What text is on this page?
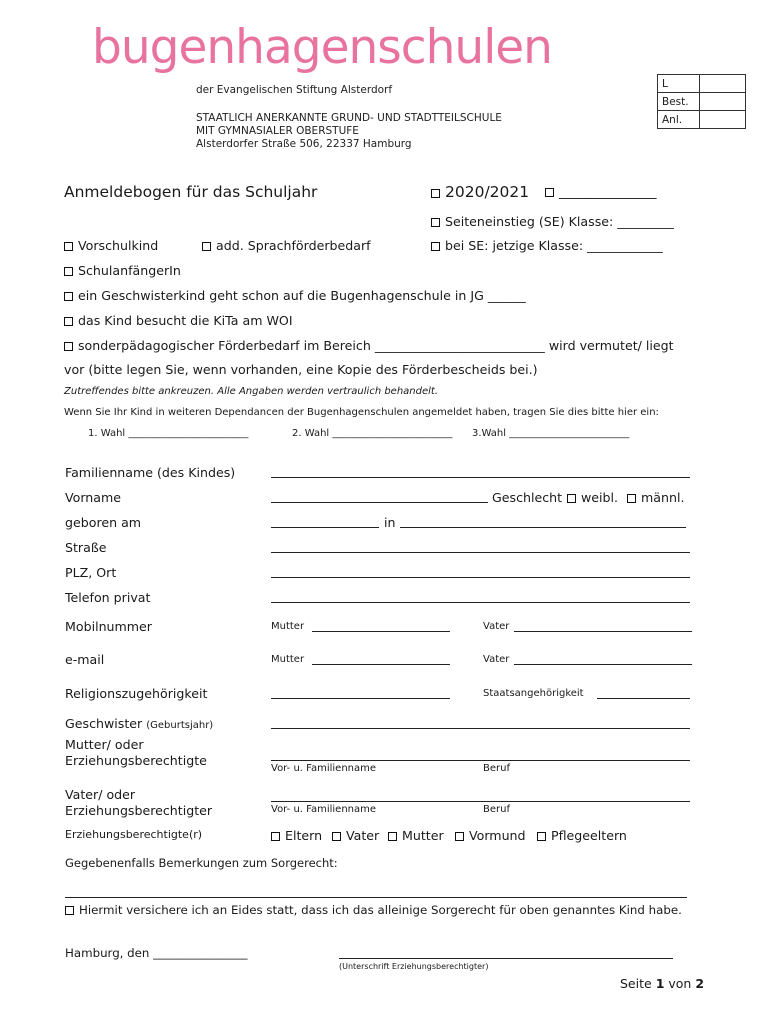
bugenhagenschulen
der Evangelischen Stiftung Alsterdorf
STAATLICH ANERKANNTE GRUND- UND STADTTEILSCHULE
MIT GYMNASIALER OBERSTUFE
Alsterdorfer Straße 506, 22337 Hamburg
L	
Best.	
Anl.	
Anmeldebogen für das Schuljahr	2020/2021	_______________
Seiteneinstieg (SE) Klasse: _________
Vorschulkind	add. Sprachförderbedarf	bei SE: jetzige Klasse: ____________
SchulanfängerIn
ein Geschwisterkind geht schon auf die Bugenhagenschule in JG ______
das Kind besucht die KiTa am WOI
sonderpädagogischer Förderbedarf im Bereich ___________________________ wird vermutet/ liegt
vor (bitte legen Sie, wenn vorhanden, eine Kopie des Förderbescheids bei.)
Zutreffendes bitte ankreuzen. Alle Angaben werden vertraulich behandelt.
Wenn Sie Ihr Kind in weiteren Dependancen der Bugenhagenschulen angemeldet haben, tragen Sie dies bitte hier ein:
1. Wahl ________________________	2. Wahl ________________________ 3.Wahl ________________________
Familienname (des Kindes)
Vorname	Geschlecht	weibl.	männl.
geboren am	in
Straße
PLZ, Ort
Telefon privat
Mobilnummer	Mutter	Vater
e-mail	Mutter	Vater
Religionszugehörigkeit	Staatsangehörigkeit
Geschwister (Geburtsjahr)
Mutter/ oder
Erziehungsberechtigte
Vor- u. Familienname	Beruf
Vater/ oder
Erziehungsberechtigter	Vor- u. Familienname	Beruf
Erziehungsberechtigte(r)	Eltern	Vater	Mutter	Vormund	Pflegeeltern
Gegebenenfalls Bemerkungen zum Sorgerecht:
Hiermit versichere ich an Eides statt, dass ich das alleinige Sorgerecht für oben genanntes Kind habe.
Hamburg, den ________________
(Unterschrift Erziehungsberechtigter)
Seite 1 von 2
